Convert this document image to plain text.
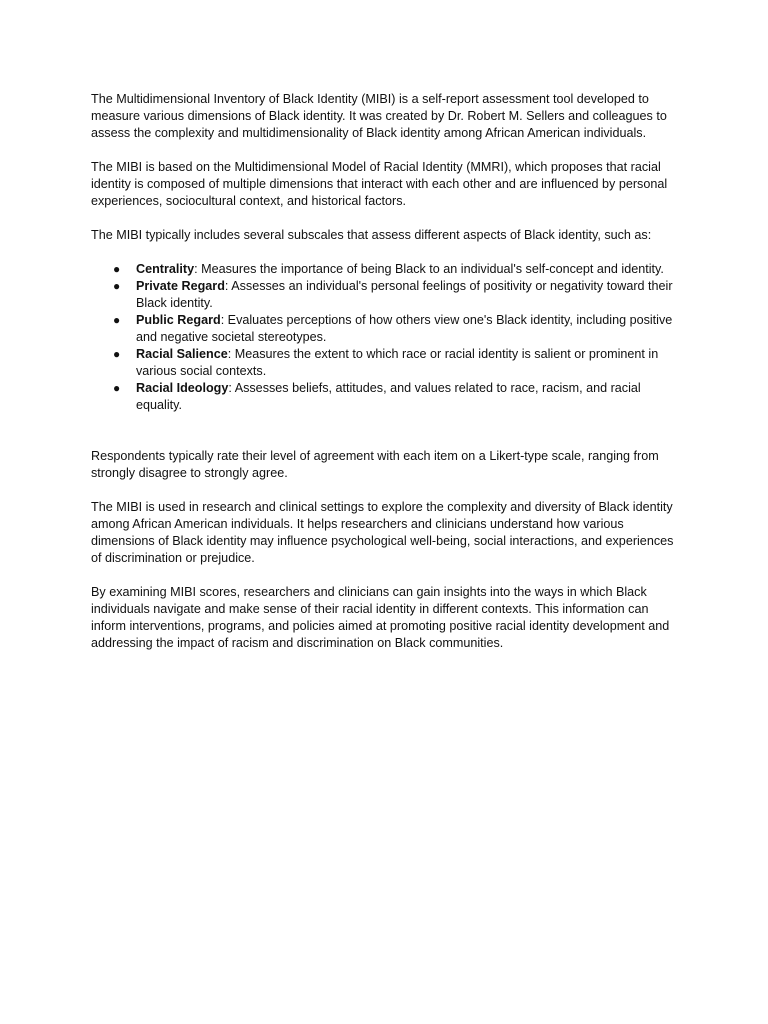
The Multidimensional Inventory of Black Identity (MIBI) is a self-report assessment tool developed to measure various dimensions of Black identity. It was created by Dr. Robert M. Sellers and colleagues to assess the complexity and multidimensionality of Black identity among African American individuals.

The MIBI is based on the Multidimensional Model of Racial Identity (MMRI), which proposes that racial identity is composed of multiple dimensions that interact with each other and are influenced by personal experiences, sociocultural context, and historical factors.

The MIBI typically includes several subscales that assess different aspects of Black identity, such as:

● Centrality: Measures the importance of being Black to an individual's self-concept and identity.
● Private Regard: Assesses an individual's personal feelings of positivity or negativity toward their Black identity.
● Public Regard: Evaluates perceptions of how others view one's Black identity, including positive and negative societal stereotypes.
● Racial Salience: Measures the extent to which race or racial identity is salient or prominent in various social contexts.
● Racial Ideology: Assesses beliefs, attitudes, and values related to race, racism, and racial equality.

Respondents typically rate their level of agreement with each item on a Likert-type scale, ranging from strongly disagree to strongly agree.

The MIBI is used in research and clinical settings to explore the complexity and diversity of Black identity among African American individuals. It helps researchers and clinicians understand how various dimensions of Black identity may influence psychological well-being, social interactions, and experiences of discrimination or prejudice.

By examining MIBI scores, researchers and clinicians can gain insights into the ways in which Black individuals navigate and make sense of their racial identity in different contexts. This information can inform interventions, programs, and policies aimed at promoting positive racial identity development and addressing the impact of racism and discrimination on Black communities.
